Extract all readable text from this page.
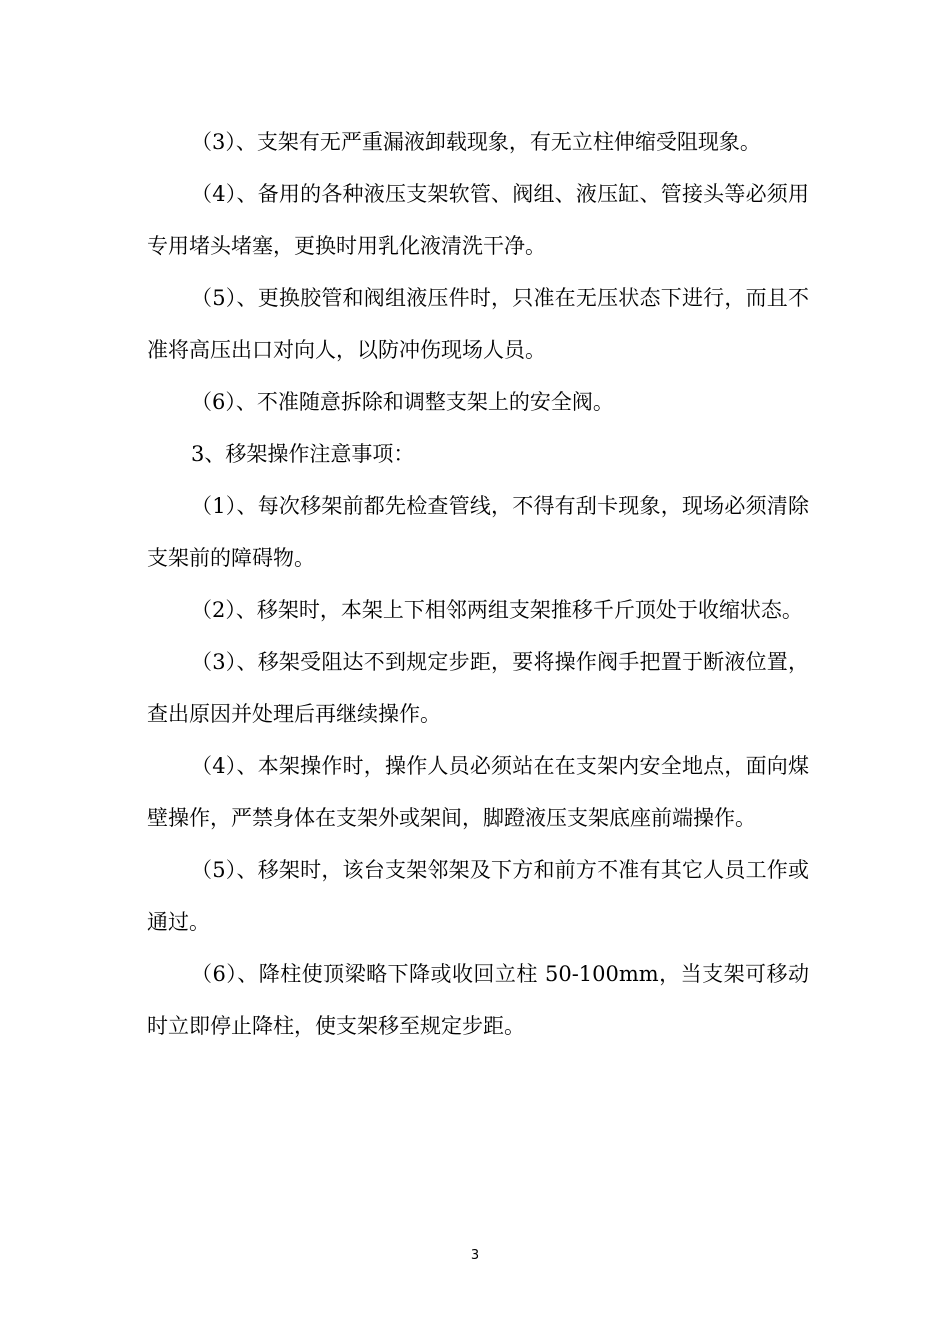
（3）、支架有无严重漏液卸载现象，有无立柱伸缩受阻现象。

（4）、备用的各种液压支架软管、阀组、液压缸、管接头等必须用专用堵头堵塞，更换时用乳化液清洗干净。

（5）、更换胶管和阀组液压件时，只准在无压状态下进行，而且不准将高压出口对向人，以防冲伤现场人员。

（6）、不准随意拆除和调整支架上的安全阀。

3、移架操作注意事项：

（1）、每次移架前都先检查管线，不得有刮卡现象，现场必须清除支架前的障碍物。

（2）、移架时，本架上下相邻两组支架推移千斤顶处于收缩状态。

（3）、移架受阻达不到规定步距，要将操作阀手把置于断液位置，查出原因并处理后再继续操作。

（4）、本架操作时，操作人员必须站在在支架内安全地点，面向煤壁操作，严禁身体在支架外或架间，脚蹬液压支架底座前端操作。

（5）、移架时，该台支架邻架及下方和前方不准有其它人员工作或通过。

（6）、降柱使顶梁略下降或收回立柱 50-100mm，当支架可移动时立即停止降柱，使支架移至规定步距。

3
